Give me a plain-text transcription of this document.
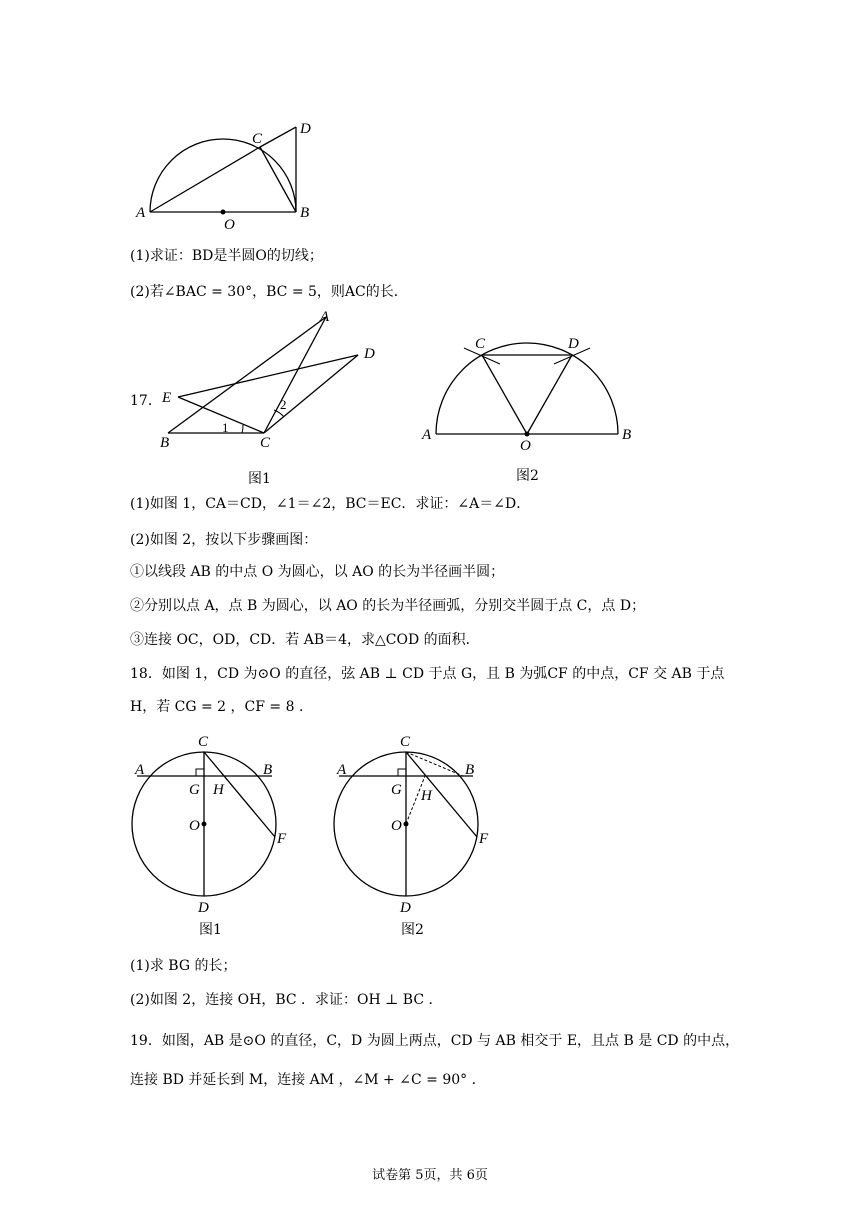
A	B
C
D
O
(1)求证：BD是半圆O的切线；
(2)若∠BAC = 30°，BC = 5，则AC的长．
17．
A
D
E
B	C
1
2
图1
C	D
A	B
O
图2
(1)如图 1，CA＝CD，∠1＝∠2，BC＝EC．求证：∠A＝∠D．
(2)如图 2，按以下步骤画图：
①以线段 AB 的中点 O 为圆心，以 AO 的长为半径画半圆；
②分别以点 A，点 B 为圆心，以 AO 的长为半径画弧，分别交半圆于点 C，点 D；
③连接 OC，OD，CD．若 AB＝4，求△COD 的面积．
18．如图 1，CD 为⊙O 的直径，弦 AB ⊥ CD 于点 G，且 B 为弧CF 的中点，CF 交 AB 于点
H，若 CG = 2 ，CF = 8 ．
C
A	B
G H
O
F
D
图1
C
A	B
G H
O
F
D
图2
(1)求 BG 的长；
(2)如图 2，连接 OH，BC ．求证：OH ⊥ BC ．
19．如图，AB 是⊙O 的直径，C，D 为圆上两点，CD 与 AB 相交于 E，且点 B 是 CD 的中点，
连接 BD 并延长到 M，连接 AM ，∠M + ∠C = 90° ．
试卷第 5页，共 6页
